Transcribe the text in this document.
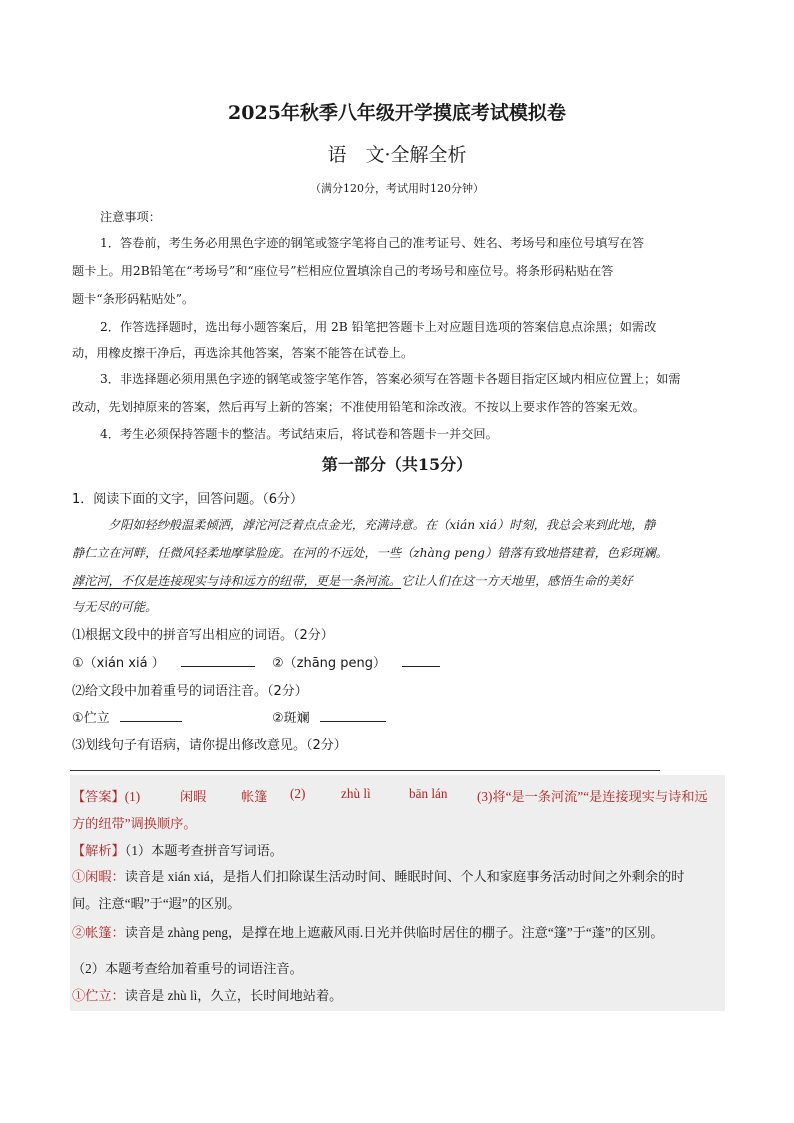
2025年秋季八年级开学摸底考试模拟卷
语　文·全解全析
（满分120分，考试用时120分钟）
注意事项：
1．答卷前，考生务必用黑色字迹的钢笔或签字笔将自己的准考证号、姓名、考场号和座位号填写在答
题卡上。用2B铅笔在“考场号”和“座位号”栏相应位置填涂自己的考场号和座位号。将条形码粘贴在答
题卡“条形码粘贴处”。
2．作答选择题时，选出每小题答案后，用 2B 铅笔把答题卡上对应题目选项的答案信息点涂黑；如需改
动，用橡皮擦干净后，再选涂其他答案，答案不能答在试卷上。
3．非选择题必须用黑色字迹的钢笔或签字笔作答，答案必须写在答题卡各题目指定区域内相应位置上；如需
改动，先划掉原来的答案，然后再写上新的答案；不准使用铅笔和涂改液。不按以上要求作答的答案无效。
4．考生必须保持答题卡的整洁。考试结束后，将试卷和答题卡一并交回。
第一部分（共15分）
1．阅读下面的文字，回答问题。（6分）
夕阳如轻纱般温柔倾洒，滹沱河泛着点点金光，充满诗意。在（xián xiá）时刻，我总会来到此地，静
静仁立在河畔，任微风轻柔地摩挲脸庞。在河的不远处，一些（zhàng peng）错落有致地搭建着，色彩斑斓。
滹沱河，不仅是连接现实与诗和远方的纽带，更是一条河流。它让人们在这一方天地里，感悟生命的美好
与无尽的可能。
⑴根据文段中的拼音写出相应的词语。（2分）
①（xián xiá ）	②（zhāng peng）
⑵给文段中加着重号的词语注音。（2分）
①伫立	②斑斓
⑶划线句子有语病，请你提出修改意见。（2分）
【答案】(1)	闲暇	帐篷 (2)	zhù lì	bān lán (3)将“是一条河流”“是连接现实与诗和远
方的纽带”调换顺序。
【解析】（1）本题考查拼音写词语。
①闲暇：读音是 xián xiá，是指人们扣除谋生活动时间、睡眠时间、个人和家庭事务活动时间之外剩余的时
间。注意“暇”于“遐”的区别。
②帐篷：读音是 zhàng peng，是撑在地上遮蔽风雨.日光并供临时居住的棚子。注意“篷”于“蓬”的区别。
（2）本题考查给加着重号的词语注音。
①伫立：读音是 zhù lì，久立，长时间地站着。
